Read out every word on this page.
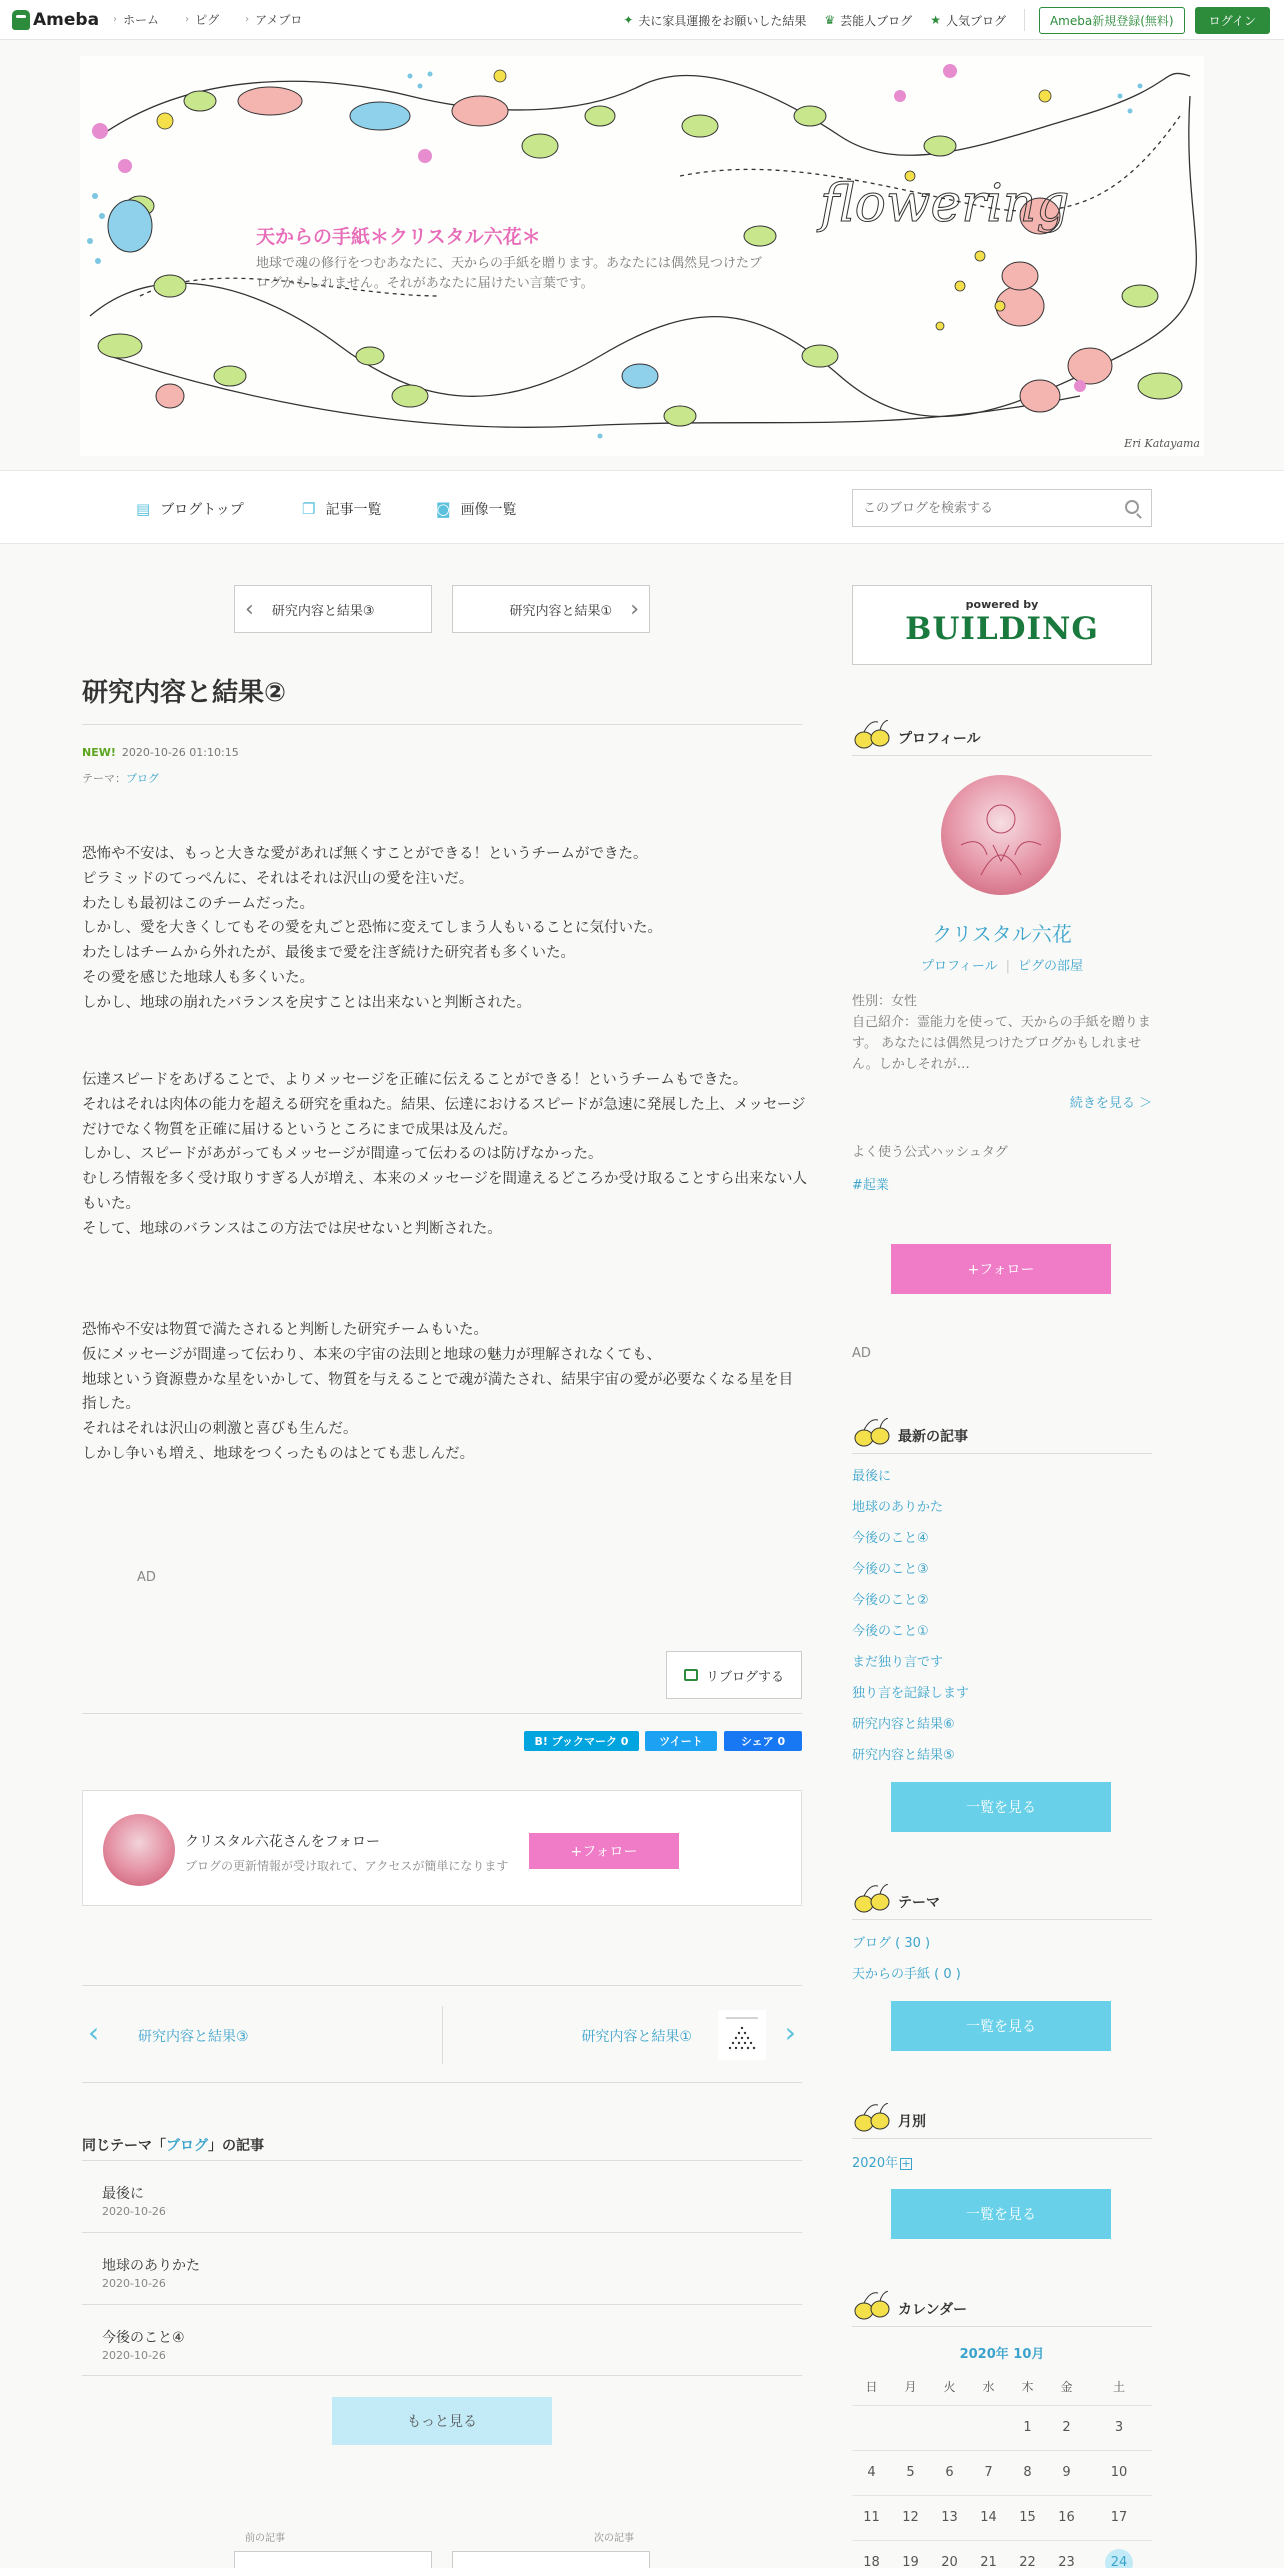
Ameba › ホーム	› ピグ	› アメブロ	✦ 夫に家具運搬をお願いした結果 ♛ 芸能人ブログ ★ 人気ブログ	Ameba新規登録(無料)	ログイン
flowering
天からの手紙＊クリスタル六花＊
地球で魂の修行をつむあなたに、天からの手紙を贈ります。あなたには偶然見つけたブログかもしれません。それがあなたに届けたい言葉です。
Eri Katayama
▤ ブログトップ	❐ 記事一覧	◙ 画像一覧
このブログを検索する
‹ 研究内容と結果③	研究内容と結果① ›
研究内容と結果②
NEW! 2020-10-26 01:10:15
テーマ：ブログ
恐怖や不安は、もっと大きな愛があれば無くすことができる！というチームができた。
ピラミッドのてっぺんに、それはそれは沢山の愛を注いだ。
わたしも最初はこのチームだった。
しかし、愛を大きくしてもその愛を丸ごと恐怖に変えてしまう人もいることに気付いた。
わたしはチームから外れたが、最後まで愛を注ぎ続けた研究者も多くいた。
その愛を感じた地球人も多くいた。
しかし、地球の崩れたバランスを戻すことは出来ないと判断された。
伝達スピードをあげることで、よりメッセージを正確に伝えることができる！というチームもできた。
それはそれは肉体の能力を超える研究を重ねた。結果、伝達におけるスピードが急速に発展した上、メッセージだけでなく物質を正確に届けるというところにまで成果は及んだ。
しかし、スピードがあがってもメッセージが間違って伝わるのは防げなかった。
むしろ情報を多く受け取りすぎる人が増え、本来のメッセージを間違えるどころか受け取ることすら出来ない人もいた。
そして、地球のバランスはこの方法では戻せないと判断された。
恐怖や不安は物質で満たされると判断した研究チームもいた。
仮にメッセージが間違って伝わり、本来の宇宙の法則と地球の魅力が理解されなくても、
地球という資源豊かな星をいかして、物質を与えることで魂が満たされ、結果宇宙の愛が必要なくなる星を目指した。
それはそれは沢山の刺激と喜びも生んだ。
しかし争いも増え、地球をつくったものはとても悲しんだ。
AD
リブログする
B! ブックマーク 0	ツイート	シェア 0
クリスタル六花さんをフォロー
ブログの更新情報が受け取れて、アクセスが簡単になります
+フォロー
‹	研究内容と結果③	研究内容と結果①	›
同じテーマ「ブログ」の記事
最後に
2020-10-26
地球のありかた
2020-10-26
今後のこと④
2020-10-26
もっと見る
前の記事	次の記事
powered by
BUILDING
プロフィール
クリスタル六花
プロフィール | ピグの部屋
性別：女性
自己紹介：霊能力を使って、天からの手紙を贈ります。 あなたには偶然見つけたブログかもしれません。しかしそれが…
続きを見る ＞
よく使う公式ハッシュタグ
#起業
+フォロー
AD
最新の記事
最後に
地球のありかた
今後のこと④
今後のこと③
今後のこと②
今後のこと①
まだ独り言です
独り言を記録します
研究内容と結果⑥
研究内容と結果⑤
一覧を見る
テーマ
ブログ ( 30 )
天からの手紙 ( 0 )
一覧を見る
月別
2020年 +
一覧を見る
カレンダー
2020年 10月
日	月	火	水	木	金	土
				1	2	3
4	5	6	7	8	9	10
11	12	13	14	15	16	17
18	19	20	21	22	23	24
